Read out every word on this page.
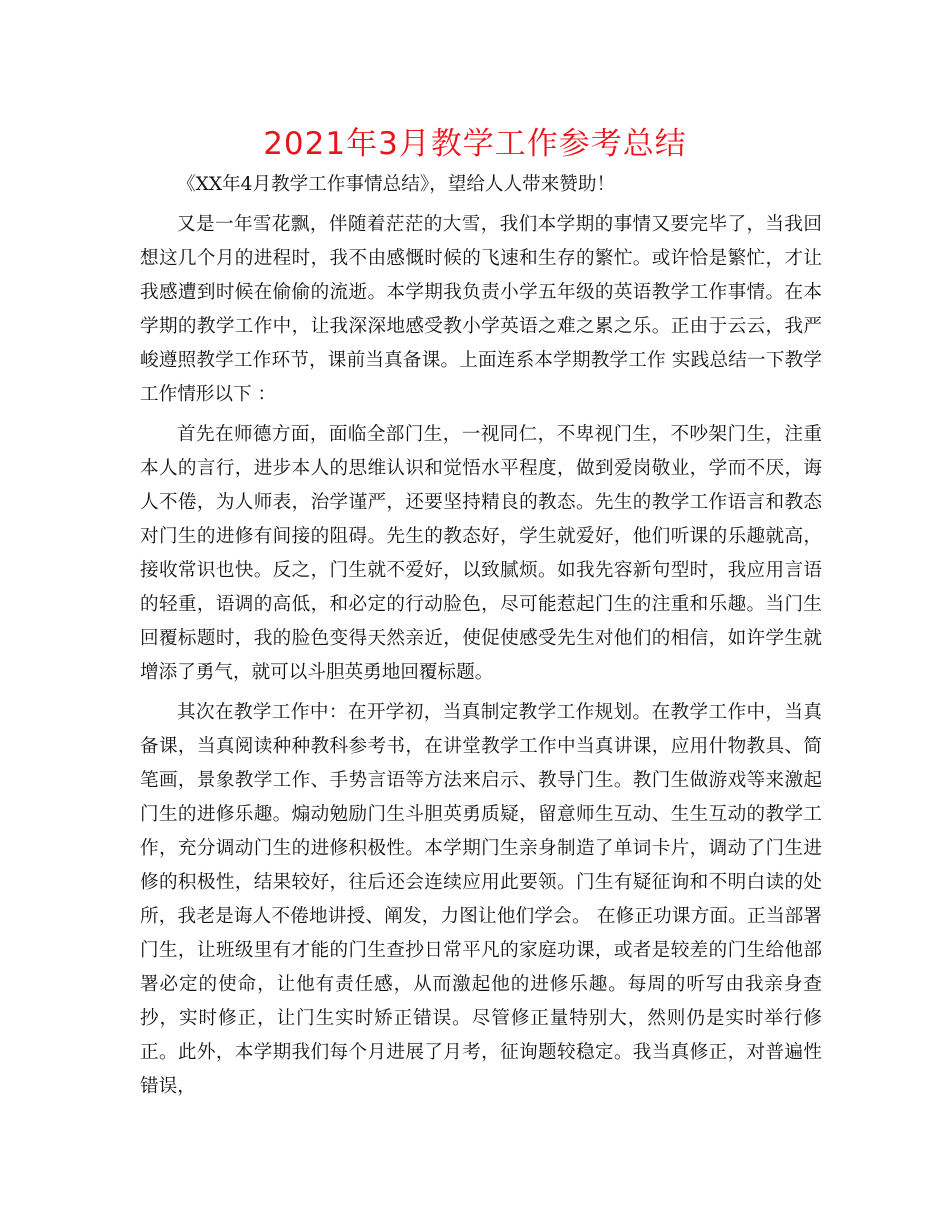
2021年3月教学工作参考总结

《XX年4月教学工作事情总结》，望给人人带来赞助！

又是一年雪花飘，伴随着茫茫的大雪，我们本学期的事情又要完毕了，当我回想这几个月的进程时，我不由感慨时候的飞速和生存的繁忙。或许恰是繁忙，才让我感遭到时候在偷偷的流逝。本学期我负责小学五年级的英语教学工作事情。在本学期的教学工作中，让我深深地感受教小学英语之难之累之乐。正由于云云，我严峻遵照教学工作环节，课前当真备课。上面连系本学期教学工作 实践总结一下教学工作情形以下 ：

首先在师德方面，面临全部门生，一视同仁，不卑视门生，不吵架门生，注重本人的言行，进步本人的思维认识和觉悟水平程度，做到爱岗敬业，学而不厌，诲人不倦，为人师表，治学谨严，还要坚持精良的教态。先生的教学工作语言和教态对门生的进修有间接的阻碍。先生的教态好，学生就爱好，他们听课的乐趣就高，接收常识也快。反之，门生就不爱好，以致腻烦。如我先容新句型时，我应用言语的轻重，语调的高低，和必定的行动脸色，尽可能惹起门生的注重和乐趣。当门生回覆标题时，我的脸色变得天然亲近，使促使感受先生对他们的相信，如许学生就增添了勇气，就可以斗胆英勇地回覆标题。

其次在教学工作中：在开学初，当真制定教学工作规划。在教学工作中，当真备课，当真阅读种种教科参考书，在讲堂教学工作中当真讲课，应用什物教具、简笔画，景象教学工作、手势言语等方法来启示、教导门生。教门生做游戏等来激起门生的进修乐趣。煽动勉励门生斗胆英勇质疑，留意师生互动、生生互动的教学工作，充分调动门生的进修积极性。本学期门生亲身制造了单词卡片，调动了门生进修的积极性，结果较好，往后还会连续应用此要领。门生有疑征询和不明白读的处所，我老是诲人不倦地讲授、阐发，力图让他们学会。 在修正功课方面。正当部署门生，让班级里有才能的门生查抄日常平凡的家庭功课，或者是较差的门生给他部署必定的使命，让他有责任感，从而激起他的进修乐趣。每周的听写由我亲身查抄，实时修正，让门生实时矫正错误。尽管修正量特别大，然则仍是实时举行修正。此外，本学期我们每个月进展了月考，征询题较稳定。我当真修正，对普遍性错误，
